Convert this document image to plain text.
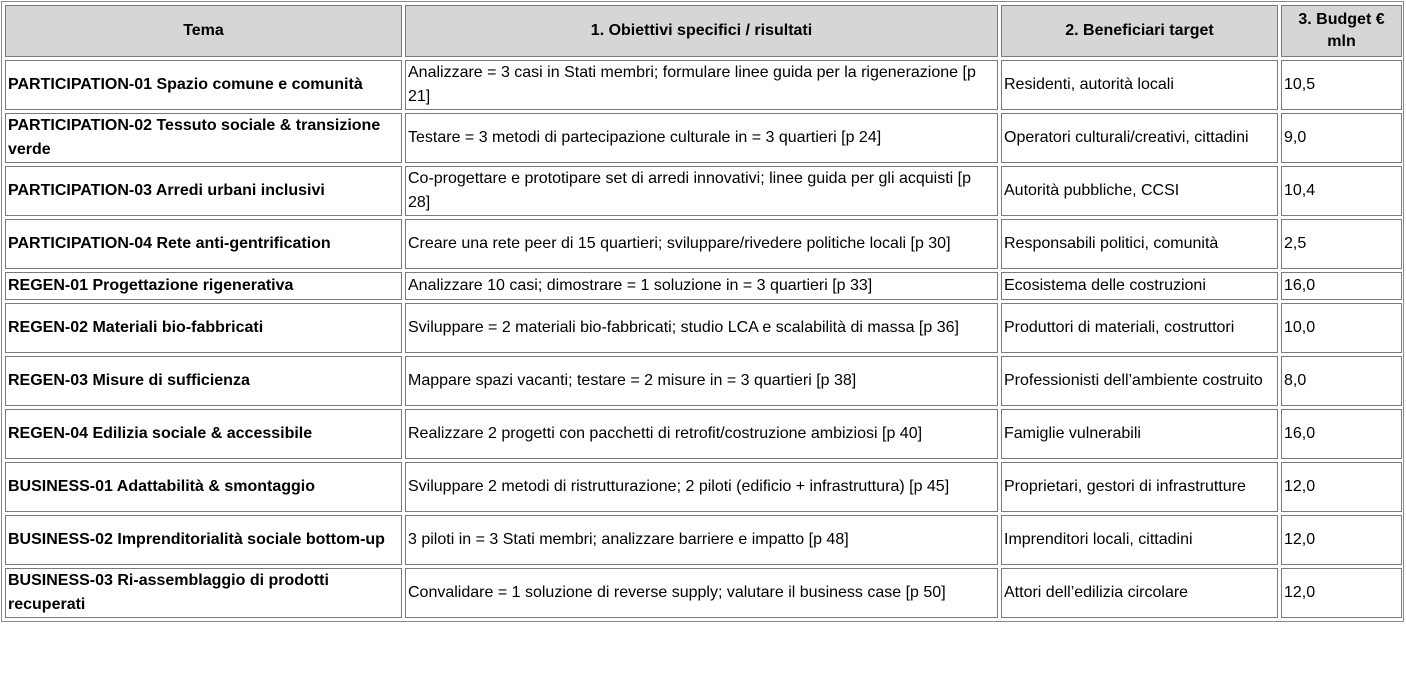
Tema	1. Obiettivi specifici / risultati	2. Beneficiari target	3. Budget € mln
PARTICIPATION-01 Spazio comune e comunità	Analizzare = 3 casi in Stati membri; formulare linee guida per la rigenerazione [p 21]	Residenti, autorità locali	10,5
PARTICIPATION-02 Tessuto sociale & transizione verde	Testare = 3 metodi di partecipazione culturale in = 3 quartieri [p 24]	Operatori culturali/creativi, cittadini	9,0
PARTICIPATION-03 Arredi urbani inclusivi	Co-progettare e prototipare set di arredi innovativi; linee guida per gli acquisti [p 28]	Autorità pubbliche, CCSI	10,4
PARTICIPATION-04 Rete anti-gentrification	Creare una rete peer di 15 quartieri; sviluppare/rivedere politiche locali [p 30]	Responsabili politici, comunità	2,5
REGEN-01 Progettazione rigenerativa	Analizzare 10 casi; dimostrare = 1 soluzione in = 3 quartieri [p 33]	Ecosistema delle costruzioni	16,0
REGEN-02 Materiali bio-fabbricati	Sviluppare = 2 materiali bio-fabbricati; studio LCA e scalabilità di massa [p 36]	Produttori di materiali, costruttori	10,0
REGEN-03 Misure di sufficienza	Mappare spazi vacanti; testare = 2 misure in = 3 quartieri [p 38]	Professionisti dell’ambiente costruito	8,0
REGEN-04 Edilizia sociale & accessibile	Realizzare 2 progetti con pacchetti di retrofit/costruzione ambiziosi [p 40]	Famiglie vulnerabili	16,0
BUSINESS-01 Adattabilità & smontaggio	Sviluppare 2 metodi di ristrutturazione; 2 piloti (edificio + infrastruttura) [p 45]	Proprietari, gestori di infrastrutture	12,0
BUSINESS-02 Imprenditorialità sociale bottom-up	3 piloti in = 3 Stati membri; analizzare barriere e impatto [p 48]	Imprenditori locali, cittadini	12,0
BUSINESS-03 Ri-assemblaggio di prodotti recuperati	Convalidare = 1 soluzione di reverse supply; valutare il business case [p 50]	Attori dell’edilizia circolare	12,0
